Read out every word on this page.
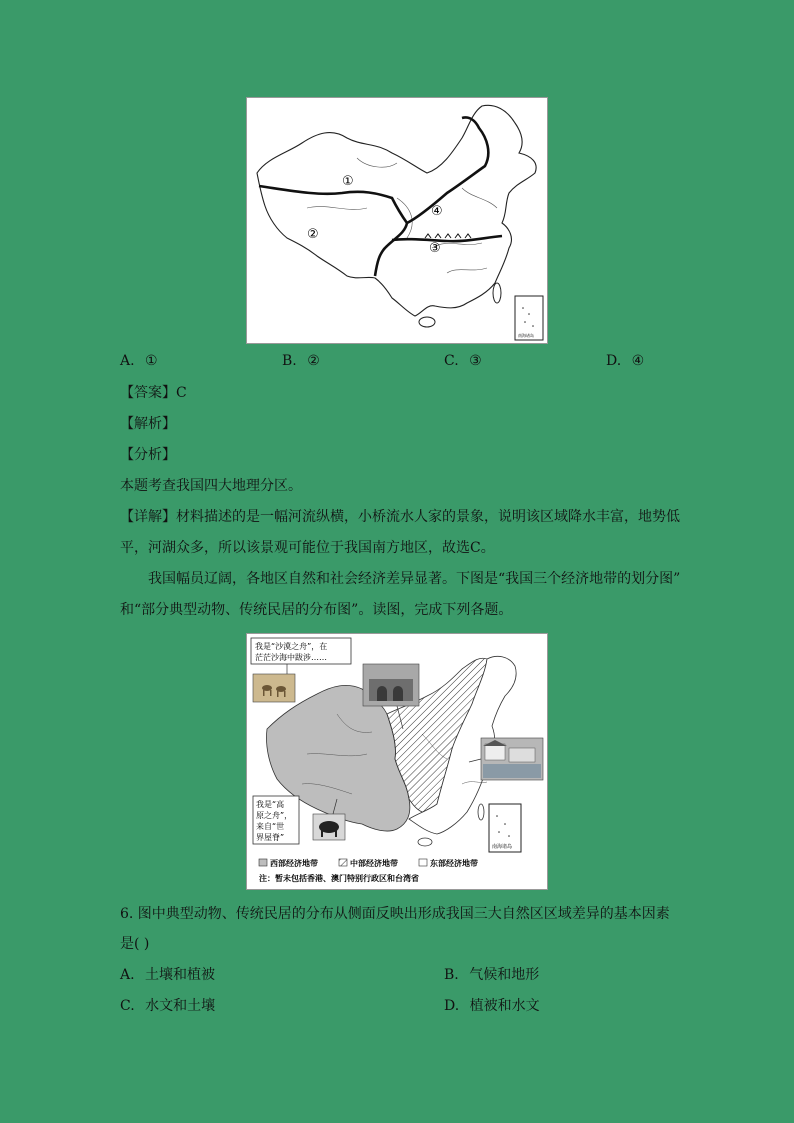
①
②
③
④
南海诸岛
A. ①	B. ②	C. ③	D. ④
【答案】C
【解析】
【分析】
本题考查我国四大地理分区。
【详解】材料描述的是一幅河流纵横，小桥流水人家的景象，说明该区域降水丰富，地势低
平，河湖众多，所以该景观可能位于我国南方地区，故选C。
我国幅员辽阔，各地区自然和社会经济差异显著。下图是“我国三个经济地带的划分图”
和“部分典型动物、传统民居的分布图”。读图，完成下列各题。
我是“沙漠之舟”，在
茫茫沙海中跋涉……
我是“高
原之舟”，
来自“世
界屋脊”
南海诸岛
西部经济地带	中部经济地带	东部经济地带
注：暂未包括香港、澳门特别行政区和台湾省
6. 图中典型动物、传统民居的分布从侧面反映出形成我国三大自然区区域差异的基本因素
是( )
A. 土壤和植被	B. 气候和地形
C. 水文和土壤	D. 植被和水文
